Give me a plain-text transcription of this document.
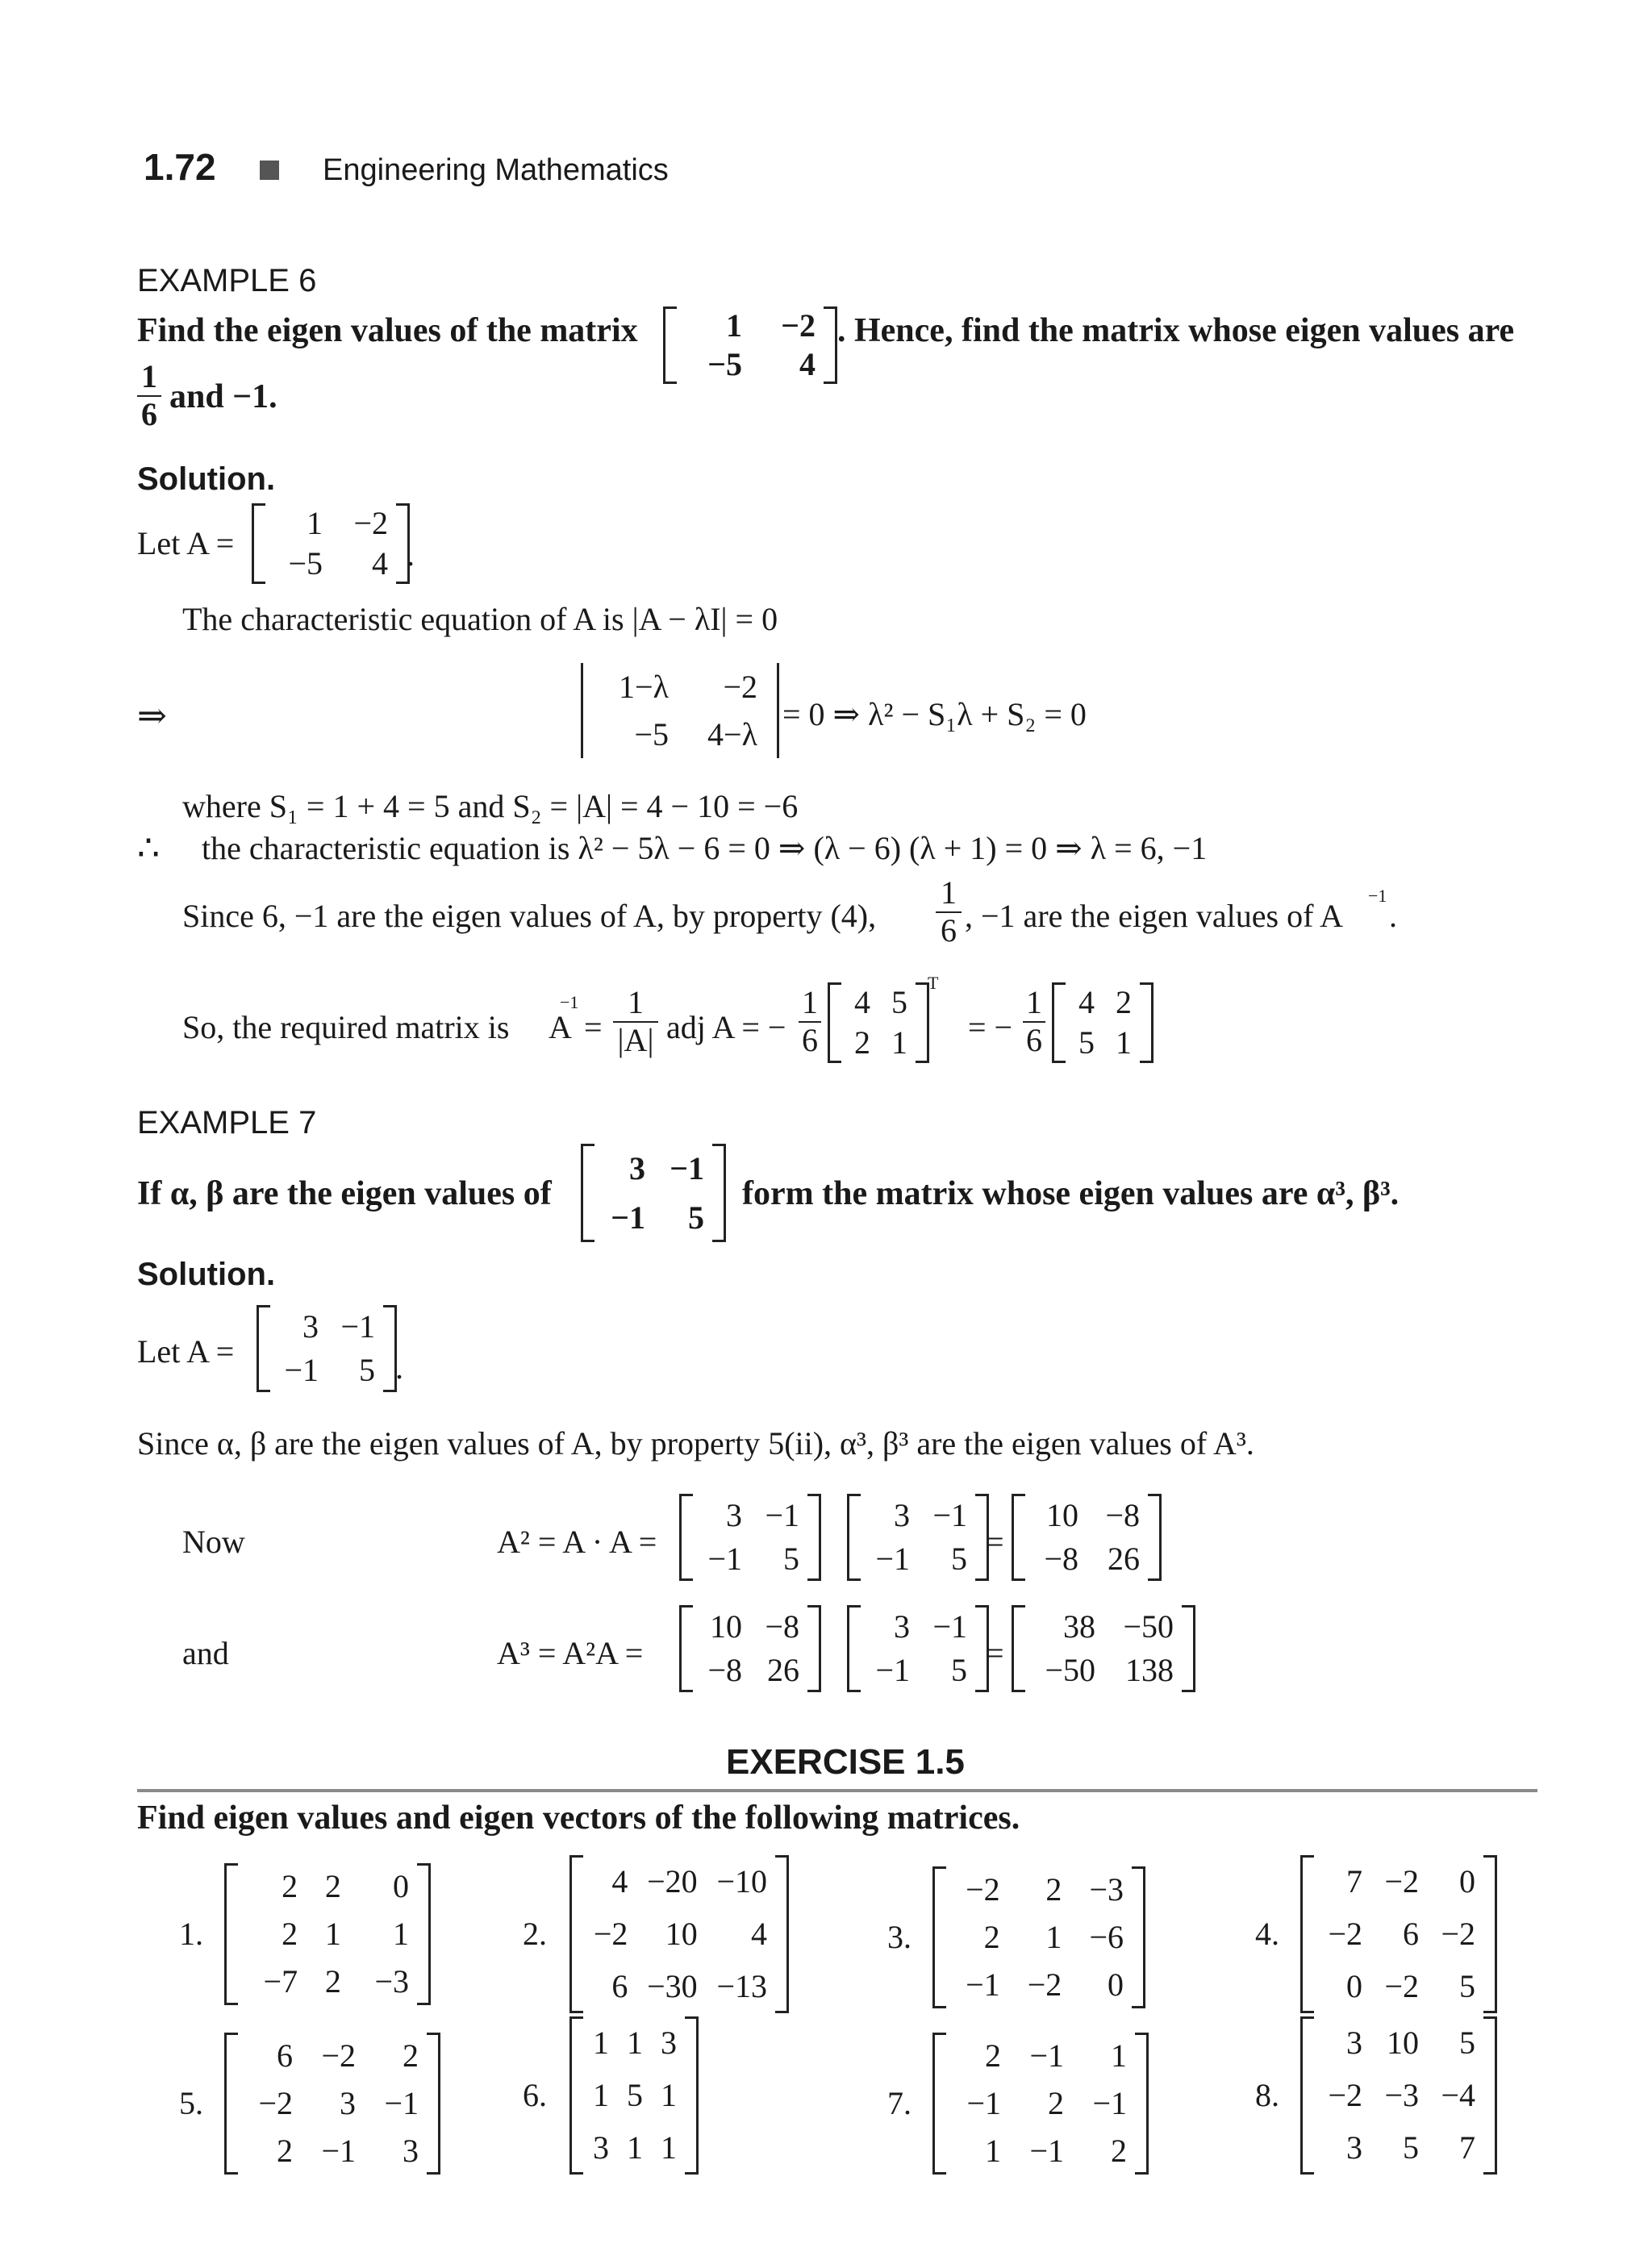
1.72	Engineering Mathematics
EXAMPLE 6
Find the eigen values of the matrix	1	−2
−5	4
. Hence, find the matrix whose eigen values are
$\frac{1}{6}$ and −1.
Solution.
Let A =
1	−2
−5	4 .
The characteristic equation of A is |A − λI| = 0
⇒
1−λ	−2
−5	4−λ
= 0 ⇒ λ² − S₁λ + S₂ = 0
where S₁ = 1 + 4 = 5 and S₂ = |A| = 4 − 10 = −6
∴ the characteristic equation is λ² − 5λ − 6 = 0 ⇒ (λ − 6) (λ + 1) = 0 ⇒ λ = 6, −1
Since 6, −1 are the eigen values of A, by property (4), $\frac{1}{6}$ , −1 are the eigen values of A
−1
.
So, the required matrix is
−1
$A = \frac{1}{|A|}$ adj A = − $\frac{1}{6} 4$	5
2	1
T
= − $\frac{1}{6} 4$	2
5	1
EXAMPLE 7
If α, β are the eigen values of
3	−1
−1	5
form the matrix whose eigen values are α³, β³.
Solution.
Let A =
3	−1
−1	5 .
Since α, β are the eigen values of A, by property 5(ii), α³, β³ are the eigen values of A³.
Now	A² = A · A =
3	−1
−1	5
3	−1
−1	5 =
10	−8
−8	26
and	A³ = A²A =
10	−8
−8	26
3	−1
−1	5 =
38	−50
−50	138
EXERCISE 1.5
Find eigen values and eigen vectors of the following matrices.
1.
2	2	0
2	1	1
−7	2	−3
2.
4	−20	−10
−2	10	4
6	−30	−13
3.
−2	2	−3
2	1	−6
−1	−2	0
4.
7	−2	0
−2	6	−2
0	−2	5
5.
6	−2	2
−2	3	−1
2	−1	3
6.
1	1	3
1	5	1
3	1	1
7.
2	−1	1
−1	2	−1
1	−1	2
8.
3	10	5
−2	−3	−4
3	5	7
